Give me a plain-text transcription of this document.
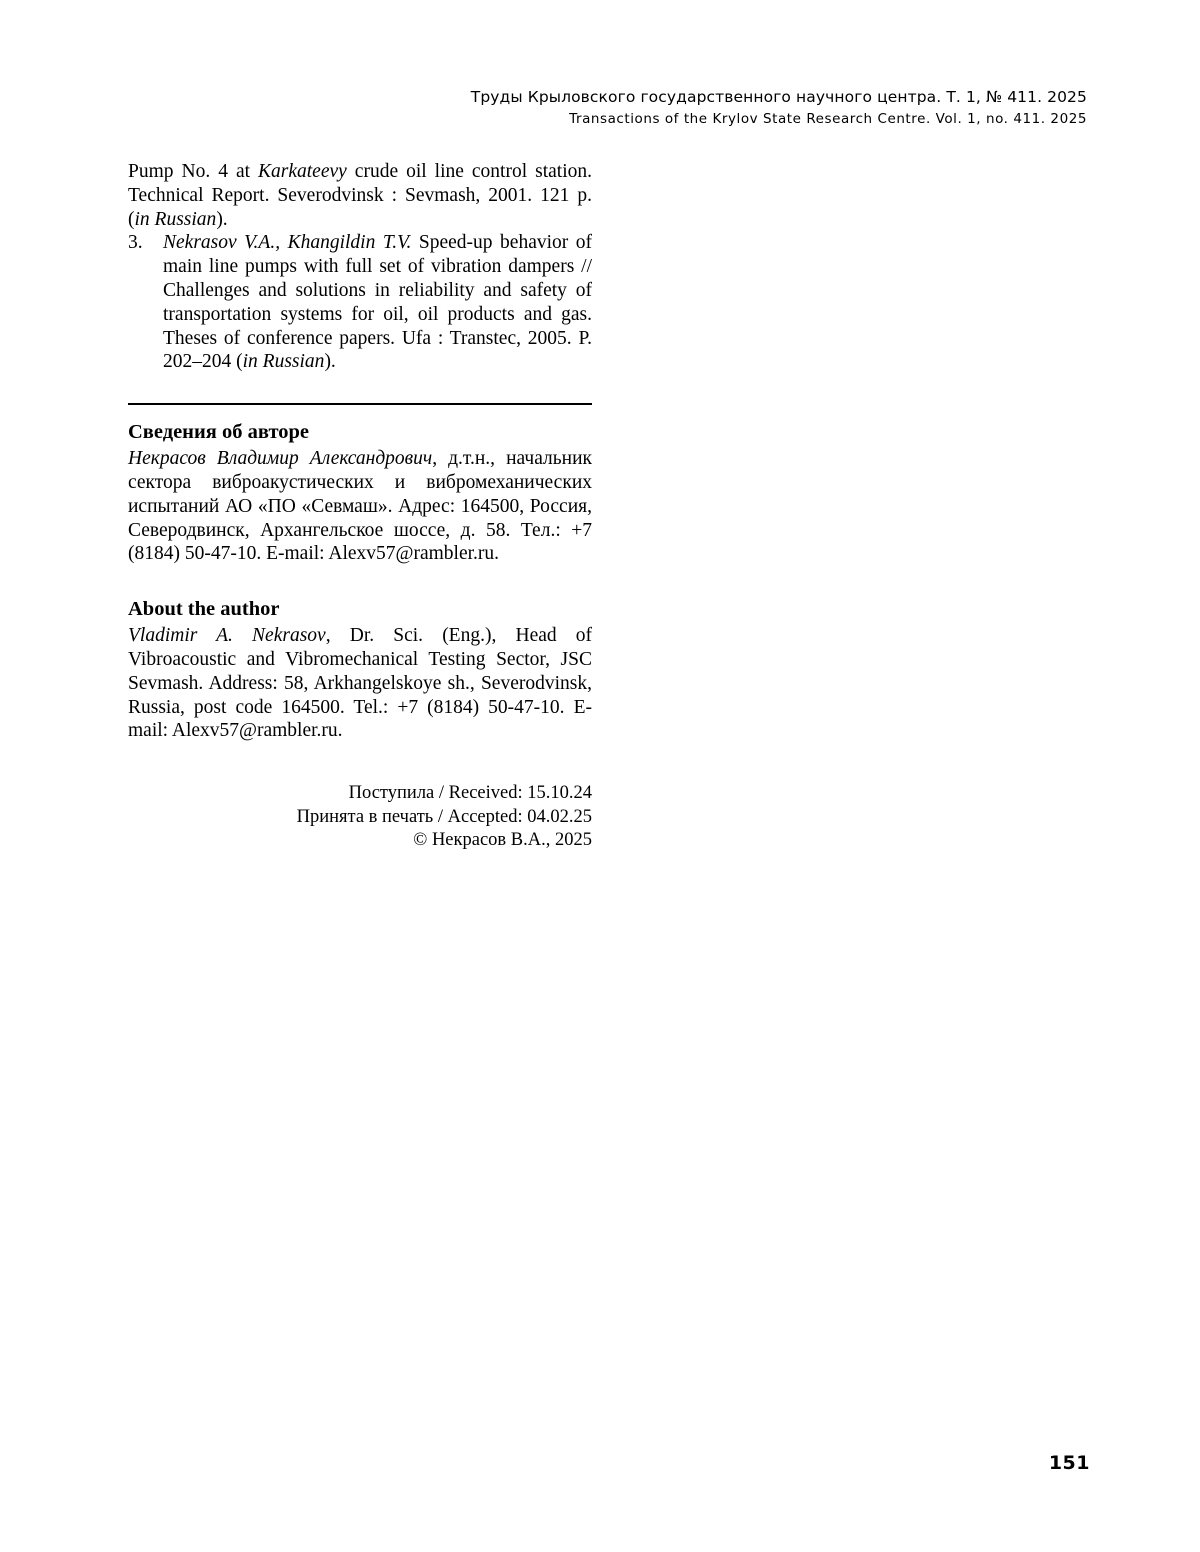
Труды Крыловского государственного научного центра. Т. 1, № 411. 2025
Transactions of the Krylov State Research Centre. Vol. 1, no. 411. 2025

Pump No. 4 at Karkateevy crude oil line control station. Technical Report. Severodvinsk : Sevmash, 2001. 121 p. (in Russian).

3. Nekrasov V.A., Khangildin T.V. Speed-up behavior of main line pumps with full set of vibration dampers // Challenges and solutions in reliability and safety of transportation systems for oil, oil products and gas. Theses of conference papers. Ufa : Transtec, 2005. P. 202–204 (in Russian).

Сведения об авторе

Некрасов Владимир Александрович, д.т.н., начальник сектора виброакустических и вибромеханических испытаний АО «ПО «Севмаш». Адрес: 164500, Россия, Северодвинск, Архангельское шоссе, д. 58. Тел.: +7 (8184) 50-47-10. E-mail: Alexv57@rambler.ru.

About the author

Vladimir A. Nekrasov, Dr. Sci. (Eng.), Head of Vibroacoustic and Vibromechanical Testing Sector, JSC Sevmash. Address: 58, Arkhangelskoye sh., Severodvinsk, Russia, post code 164500. Tel.: +7 (8184) 50-47-10. E-mail: Alexv57@rambler.ru.

Поступила / Received: 15.10.24
Принята в печать / Accepted: 04.02.25
© Некрасов В.А., 2025
151
